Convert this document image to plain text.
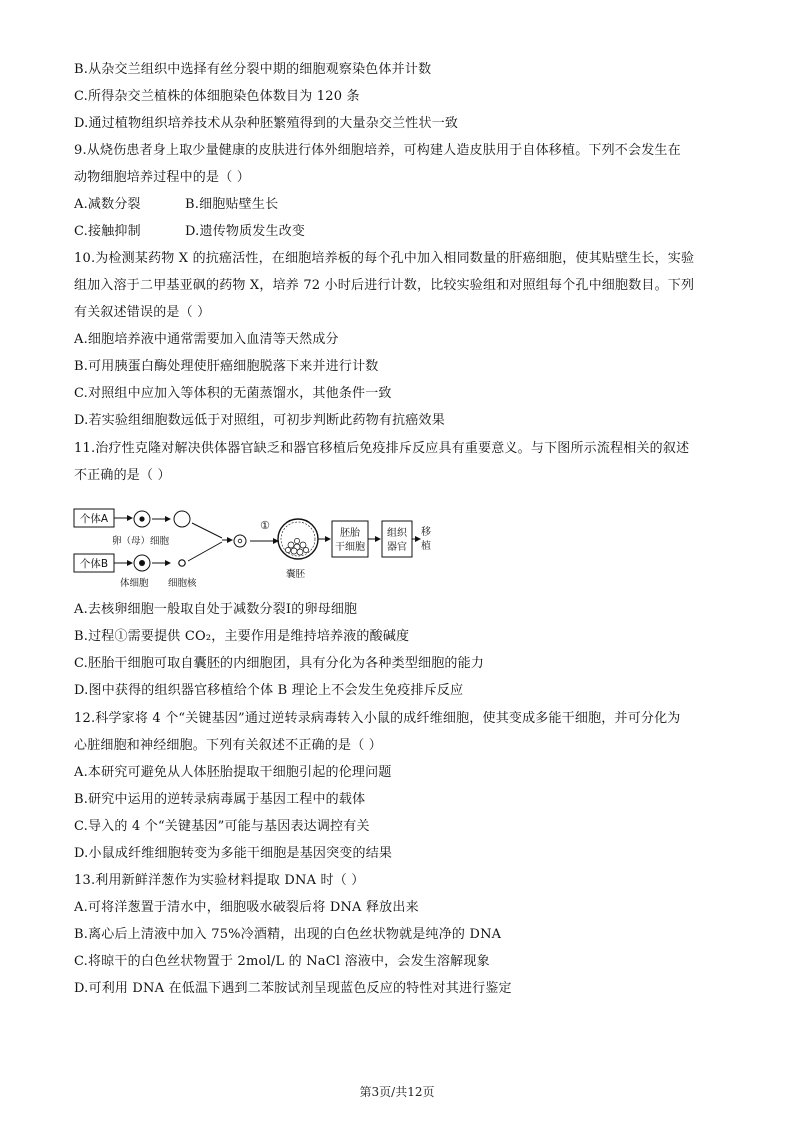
B.从杂交兰组织中选择有丝分裂中期的细胞观察染色体并计数
C.所得杂交兰植株的体细胞染色体数目为 120 条
D.通过植物组织培养技术从杂种胚繁殖得到的大量杂交兰性状一致
9.从烧伤患者身上取少量健康的皮肤进行体外细胞培养，可构建人造皮肤用于自体移植。下列不会发生在
动物细胞培养过程中的是（ ）
A.减数分裂	B.细胞贴壁生长
C.接触抑制	D.遗传物质发生改变
10.为检测某药物 X 的抗癌活性，在细胞培养板的每个孔中加入相同数量的肝癌细胞，使其贴壁生长，实验
组加入溶于二甲基亚砜的药物 X，培养 72 小时后进行计数，比较实验组和对照组每个孔中细胞数目。下列
有关叙述错误的是（ ）
A.细胞培养液中通常需要加入血清等天然成分
B.可用胰蛋白酶处理使肝癌细胞脱落下来并进行计数
C.对照组中应加入等体积的无菌蒸馏水，其他条件一致
D.若实验组细胞数远低于对照组，可初步判断此药物有抗癌效果
11.治疗性克隆对解决供体器官缺乏和器官移植后免疫排斥反应具有重要意义。与下图所示流程相关的叙述
不正确的是（ ）
个体A
卵（母）细胞
个体B
体细胞 细胞核
①
囊胚
胚胎
干细胞
组织
器官
移
植
A.去核卵细胞一般取自处于减数分裂Ⅰ的卵母细胞
B.过程①需要提供 CO₂，主要作用是维持培养液的酸碱度
C.胚胎干细胞可取自囊胚的内细胞团，具有分化为各种类型细胞的能力
D.图中获得的组织器官移植给个体 B 理论上不会发生免疫排斥反应
12.科学家将 4 个“关键基因”通过逆转录病毒转入小鼠的成纤维细胞，使其变成多能干细胞，并可分化为
心脏细胞和神经细胞。下列有关叙述不正确的是（ ）
A.本研究可避免从人体胚胎提取干细胞引起的伦理问题
B.研究中运用的逆转录病毒属于基因工程中的载体
C.导入的 4 个“关键基因”可能与基因表达调控有关
D.小鼠成纤维细胞转变为多能干细胞是基因突变的结果
13.利用新鲜洋葱作为实验材料提取 DNA 时（ ）
A.可将洋葱置于清水中，细胞吸水破裂后将 DNA 释放出来
B.离心后上清液中加入 75%冷酒精，出现的白色丝状物就是纯净的 DNA
C.将晾干的白色丝状物置于 2mol/L 的 NaCl 溶液中，会发生溶解现象
D.可利用 DNA 在低温下遇到二苯胺试剂呈现蓝色反应的特性对其进行鉴定
第3页/共12页
